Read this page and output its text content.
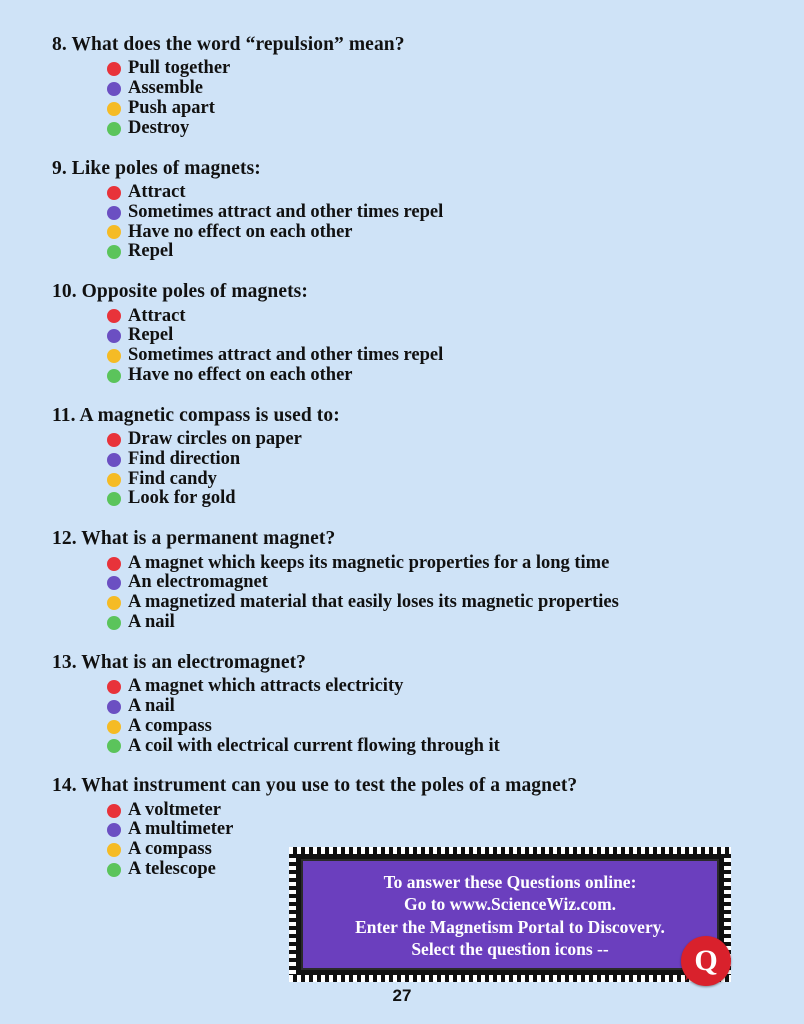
8. What does the word “repulsion” mean?

Pull together
Assemble
Push apart
Destroy

9. Like poles of magnets:

Attract
Sometimes attract and other times repel
Have no effect on each other
Repel

10. Opposite poles of magnets:

Attract
Repel
Sometimes attract and other times repel
Have no effect on each other

11. A magnetic compass is used to:

Draw circles on paper
Find direction
Find candy
Look for gold

12. What is a permanent magnet?

A magnet which keeps its magnetic properties for a long time
An electromagnet
A magnetized material that easily loses its magnetic properties
A nail

13. What is an electromagnet?

A magnet which attracts electricity
A nail
A compass
A coil with electrical current flowing through it

14. What instrument can you use to test the poles of a magnet?

A voltmeter
A multimeter
A compass
A telescope
To answer these Questions online:
Go to www.ScienceWiz.com.
Enter the Magnetism Portal to Discovery.
Select the question icons --	Q
27
